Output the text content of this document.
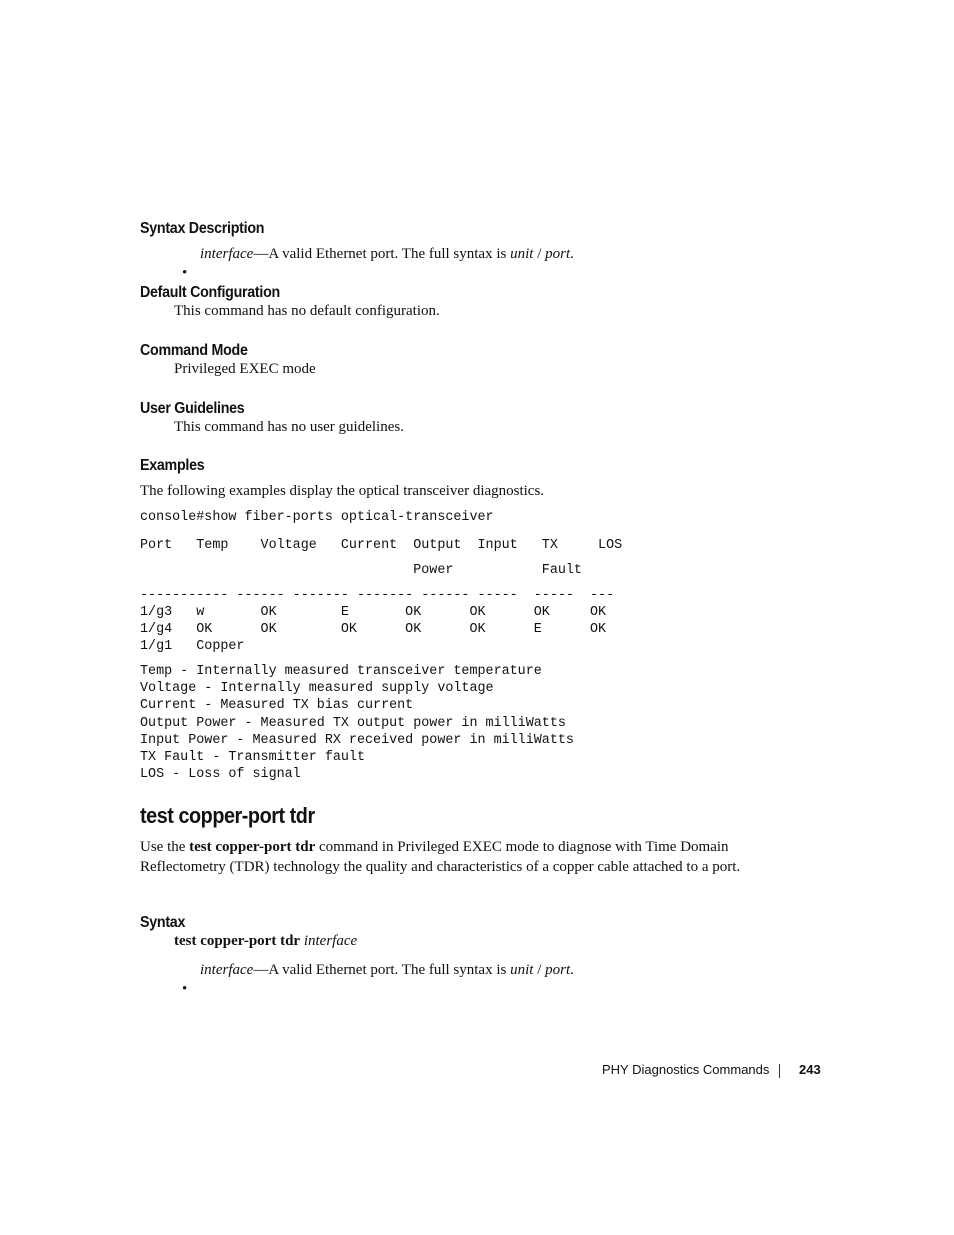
Syntax Description

•

interface—A valid Ethernet port. The full syntax is unit / port.

Default Configuration

This command has no default configuration.

Command Mode

Privileged EXEC mode

User Guidelines

This command has no user guidelines.

Examples

The following examples display the optical transceiver diagnostics.

console#show fiber-ports optical-transceiver
Port   Temp    Voltage   Current  Output  Input   TX     LOS
Power           Fault
----------- ------ ------- ------- ------ -----  -----  ---
1/g3   w       OK        E       OK      OK      OK     OK
1/g4   OK      OK        OK      OK      OK      E      OK
1/g1   Copper
Temp - Internally measured transceiver temperature
Voltage - Internally measured supply voltage
Current - Measured TX bias current
Output Power - Measured TX output power in milliWatts
Input Power - Measured RX received power in milliWatts
TX Fault - Transmitter fault
LOS - Loss of signal
test copper-port tdr

Use the test copper-port tdr command in Privileged EXEC mode to diagnose with Time Domain Reflectometry (TDR) technology the quality and characteristics of a copper cable attached to a port.

Syntax

test copper-port tdr interface

•

interface—A valid Ethernet port. The full syntax is unit / port.

PHY Diagnostics Commands 243
